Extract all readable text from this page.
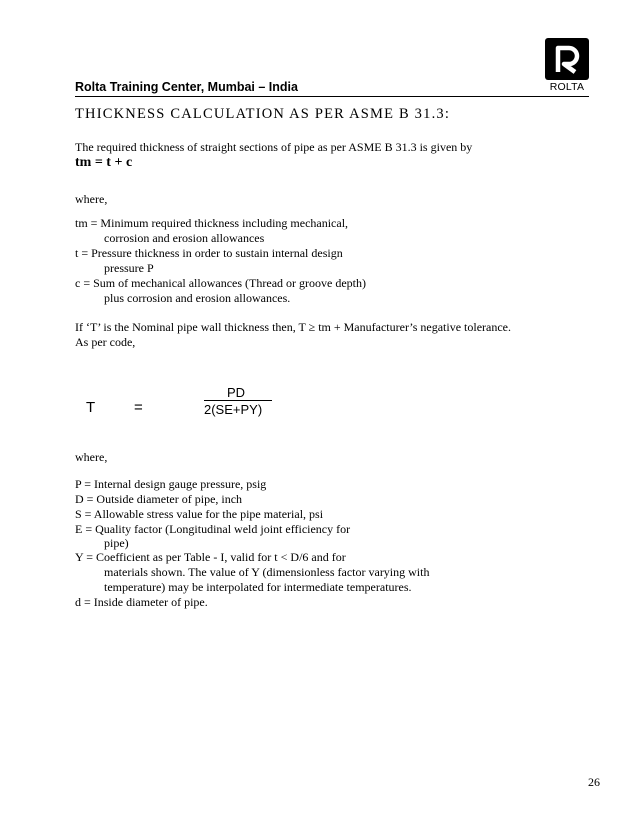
ROLTA
Rolta Training Center, Mumbai – India
THICKNESS CALCULATION AS PER ASME B 31.3:
The required thickness of straight sections of pipe as per ASME B 31.3 is given by
tm = t + c
where,
tm = Minimum required thickness including mechanical,
corrosion and erosion allowances
t = Pressure thickness in order to sustain internal design
pressure P
c = Sum of mechanical allowances (Thread or groove depth)
plus corrosion and erosion allowances.
If ‘T’ is the Nominal pipe wall thickness then, T ≥ tm + Manufacturer’s negative tolerance.
As per code,
T	=
PD
2(SE+PY)
where,
P = Internal design gauge pressure, psig
D = Outside diameter of pipe, inch
S = Allowable stress value for the pipe material, psi
E = Quality factor (Longitudinal weld joint efficiency for
pipe)
Y = Coefficient as per Table - I, valid for t < D/6 and for
materials shown. The value of Y (dimensionless factor varying with
temperature) may be interpolated for intermediate temperatures.
d = Inside diameter of pipe.
26
